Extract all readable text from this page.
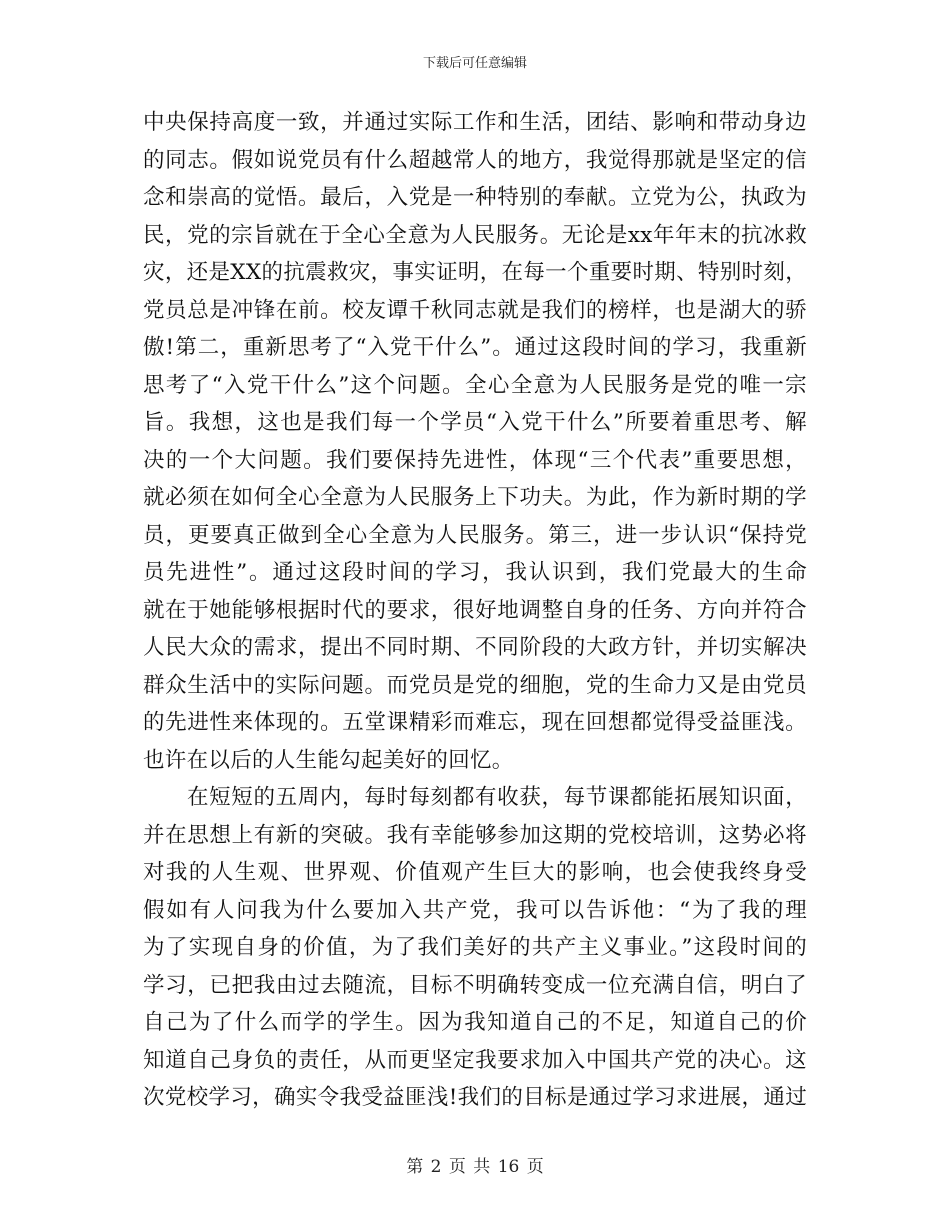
下载后可任意编辑
中央保持高度一致，并通过实际工作和生活，团结、影响和带动身边
的同志。假如说党员有什么超越常人的地方，我觉得那就是坚定的信
念和崇高的觉悟。最后，入党是一种特别的奉献。立党为公，执政为
民，党的宗旨就在于全心全意为人民服务。无论是xx年年末的抗冰救
灾，还是XX的抗震救灾，事实证明，在每一个重要时期、特别时刻，
党员总是冲锋在前。校友谭千秋同志就是我们的榜样，也是湖大的骄
傲!第二，重新思考了“入党干什么”。通过这段时间的学习，我重新
思考了“入党干什么”这个问题。全心全意为人民服务是党的唯一宗
旨。我想，这也是我们每一个学员“入党干什么”所要着重思考、解
决的一个大问题。我们要保持先进性，体现“三个代表”重要思想，
就必须在如何全心全意为人民服务上下功夫。为此，作为新时期的学
员，更要真正做到全心全意为人民服务。第三，进一步认识“保持党
员先进性”。通过这段时间的学习，我认识到，我们党最大的生命
就在于她能够根据时代的要求，很好地调整自身的任务、方向并符合
人民大众的需求，提出不同时期、不同阶段的大政方针，并切实解决
群众生活中的实际问题。而党员是党的细胞，党的生命力又是由党员
的先进性来体现的。五堂课精彩而难忘，现在回想都觉得受益匪浅。
也许在以后的人生能勾起美好的回忆。
在短短的五周内，每时每刻都有收获，每节课都能拓展知识面，
并在思想上有新的突破。我有幸能够参加这期的党校培训，这势必将
对我的人生观、世界观、价值观产生巨大的影响，也会使我终身受
假如有人问我为什么要加入共产党，我可以告诉他：“为了我的理
为了实现自身的价值，为了我们美好的共产主义事业。”这段时间的
学习，已把我由过去随流，目标不明确转变成一位充满自信，明白了
自己为了什么而学的学生。因为我知道自己的不足，知道自己的价
知道自己身负的责任，从而更坚定我要求加入中国共产党的决心。这
次党校学习，确实令我受益匪浅!我们的目标是通过学习求进展，通过
第 2 页 共 16 页
